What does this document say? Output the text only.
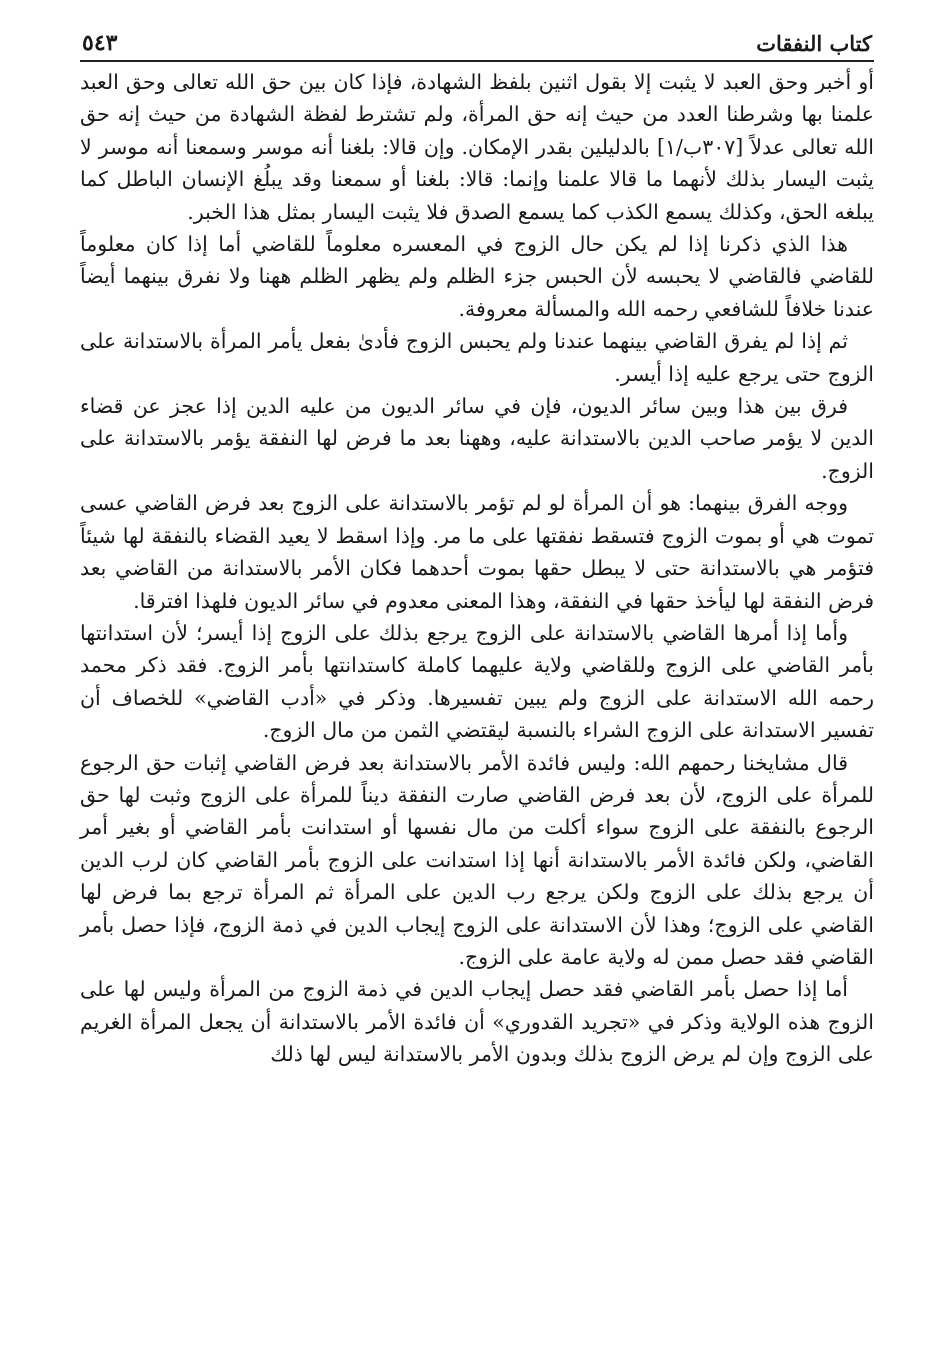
كتاب النفقات
٥٤٣

أو أخبر وحق العبد لا يثبت إلا بقول اثنين بلفظ الشهادة، فإذا كان بين حق الله تعالى وحق العبد علمنا بها وشرطنا العدد من حيث إنه حق المرأة، ولم تشترط لفظة الشهادة من حيث إنه حق الله تعالى عدلاً [٣٠٧ب/١] بالدليلين بقدر الإمكان. وإن قالا: بلغنا أنه موسر وسمعنا أنه موسر لا يثبت اليسار بذلك لأنهما ما قالا علمنا وإنما: قالا: بلغنا أو سمعنا وقد يبلُغ الإنسان الباطل كما يبلغه الحق، وكذلك يسمع الكذب كما يسمع الصدق فلا يثبت اليسار بمثل هذا الخبر.

هذا الذي ذكرنا إذا لم يكن حال الزوج في المعسره معلوماً للقاضي أما إذا كان معلوماً للقاضي فالقاضي لا يحبسه لأن الحبس جزء الظلم ولم يظهر الظلم ههنا ولا نفرق بينهما أيضاً عندنا خلافاً للشافعي رحمه الله والمسألة معروفة.

ثم إذا لم يفرق القاضي بينهما عندنا ولم يحبس الزوج فأدىٰ بفعل يأمر المرأة بالاستدانة على الزوج حتى يرجع عليه إذا أيسر.

فرق بين هذا وبين سائر الديون، فإن في سائر الديون من عليه الدين إذا عجز عن قضاء الدين لا يؤمر صاحب الدين بالاستدانة عليه، وههنا بعد ما فرض لها النفقة يؤمر بالاستدانة على الزوج.

ووجه الفرق بينهما: هو أن المرأة لو لم تؤمر بالاستدانة على الزوج بعد فرض القاضي عسى تموت هي أو بموت الزوج فتسقط نفقتها على ما مر. وإذا اسقط لا يعيد القضاء بالنفقة لها شيئاً فتؤمر هي بالاستدانة حتى لا يبطل حقها بموت أحدهما فكان الأمر بالاستدانة من القاضي بعد فرض النفقة لها ليأخذ حقها في النفقة، وهذا المعنى معدوم في سائر الديون فلهذا افترقا.

وأما إذا أمرها القاضي بالاستدانة على الزوج يرجع بذلك على الزوج إذا أيسر؛ لأن استدانتها بأمر القاضي على الزوج وللقاضي ولاية عليهما كاملة كاستدانتها بأمر الزوج. فقد ذكر محمد رحمه الله الاستدانة على الزوج ولم يبين تفسيرها. وذكر في «أدب القاضي» للخصاف أن تفسير الاستدانة على الزوج الشراء بالنسبة ليقتضي الثمن من مال الزوج.

قال مشايخنا رحمهم الله: وليس فائدة الأمر بالاستدانة بعد فرض القاضي إثبات حق الرجوع للمرأة على الزوج، لأن بعد فرض القاضي صارت النفقة ديناً للمرأة على الزوج وثبت لها حق الرجوع بالنفقة على الزوج سواء أكلت من مال نفسها أو استدانت بأمر القاضي أو بغير أمر القاضي، ولكن فائدة الأمر بالاستدانة أنها إذا استدانت على الزوج بأمر القاضي كان لرب الدين أن يرجع بذلك على الزوج ولكن يرجع رب الدين على المرأة ثم المرأة ترجع بما فرض لها القاضي على الزوج؛ وهذا لأن الاستدانة على الزوج إيجاب الدين في ذمة الزوج، فإذا حصل بأمر القاضي فقد حصل ممن له ولاية عامة على الزوج.

أما إذا حصل بأمر القاضي فقد حصل إيجاب الدين في ذمة الزوج من المرأة وليس لها على الزوج هذه الولاية وذكر في «تجريد القدوري» أن فائدة الأمر بالاستدانة أن يجعل المرأة الغريم على الزوج وإن لم يرض الزوج بذلك وبدون الأمر بالاستدانة ليس لها ذلك
